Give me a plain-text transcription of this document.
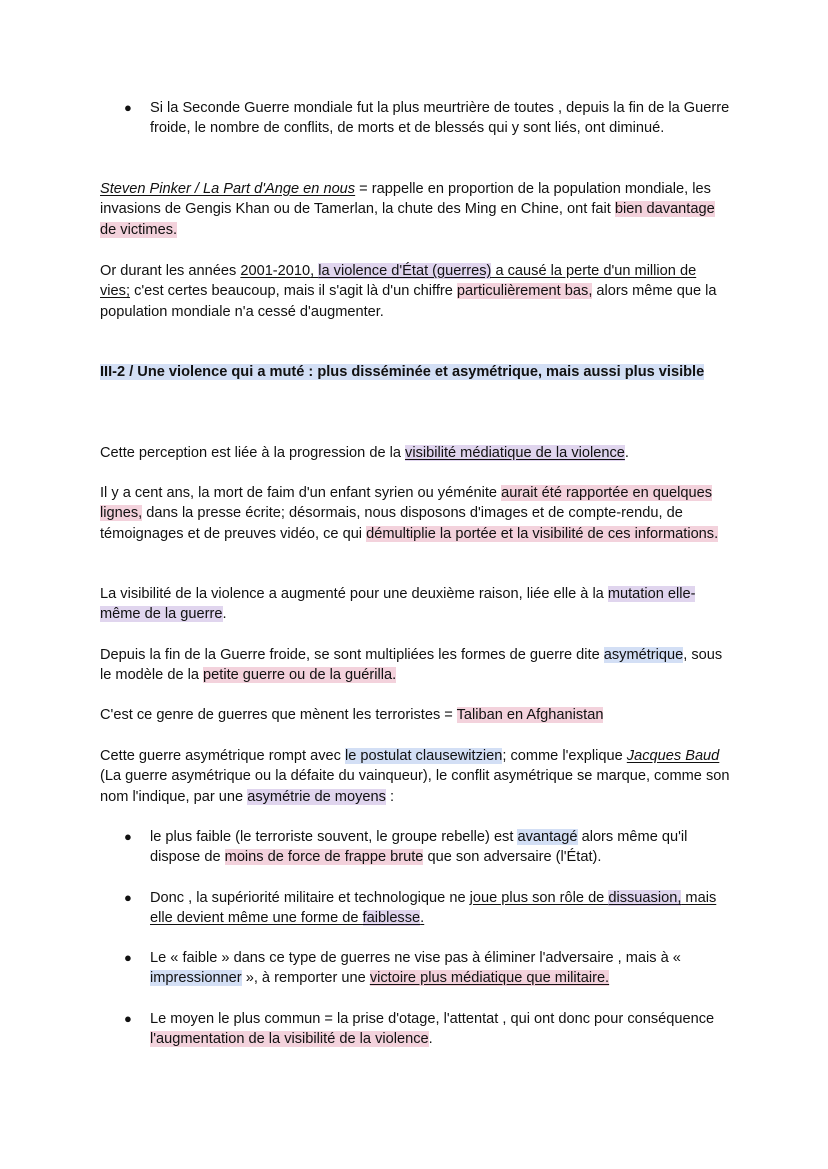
● Si la Seconde Guerre mondiale fut la plus meurtrière de toutes , depuis la fin de la Guerre froide, le nombre de conflits, de morts et de blessés qui y sont liés, ont diminué.

Steven Pinker / La Part d'Ange en nous = rappelle en proportion de la population mondiale, les invasions de Gengis Khan ou de Tamerlan, la chute des Ming en Chine, ont fait bien davantage de victimes.

Or durant les années 2001-2010, la violence d'État (guerres) a causé la perte d'un million de vies; c'est certes beaucoup, mais il s'agit là d'un chiffre particulièrement bas, alors même que la population mondiale n'a cessé d'augmenter.

III-2 / Une violence qui a muté : plus disséminée et asymétrique, mais aussi plus visible

Cette perception est liée à la progression de la visibilité médiatique de la violence.

Il y a cent ans, la mort de faim d'un enfant syrien ou yéménite aurait été rapportée en quelques lignes, dans la presse écrite; désormais, nous disposons d'images et de compte-rendu, de témoignages et de preuves vidéo, ce qui démultiplie la portée et la visibilité de ces informations.

La visibilité de la violence a augmenté pour une deuxième raison, liée elle à la mutation elle-même de la guerre.

Depuis la fin de la Guerre froide, se sont multipliées les formes de guerre dite asymétrique, sous le modèle de la petite guerre ou de la guérilla.

C'est ce genre de guerres que mènent les terroristes = Taliban en Afghanistan

Cette guerre asymétrique rompt avec le postulat clausewitzien; comme l'explique Jacques Baud (La guerre asymétrique ou la défaite du vainqueur), le conflit asymétrique se marque, comme son nom l'indique, par une asymétrie de moyens :

● le plus faible (le terroriste souvent, le groupe rebelle) est avantagé alors même qu'il dispose de moins de force de frappe brute que son adversaire (l'État).

● Donc , la supériorité militaire et technologique ne joue plus son rôle de dissuasion, mais elle devient même une forme de faiblesse.

● Le « faible » dans ce type de guerres ne vise pas à éliminer l'adversaire , mais à « impressionner », à remporter une victoire plus médiatique que militaire.

● Le moyen le plus commun = la prise d'otage, l'attentat , qui ont donc pour conséquence l'augmentation de la visibilité de la violence.
